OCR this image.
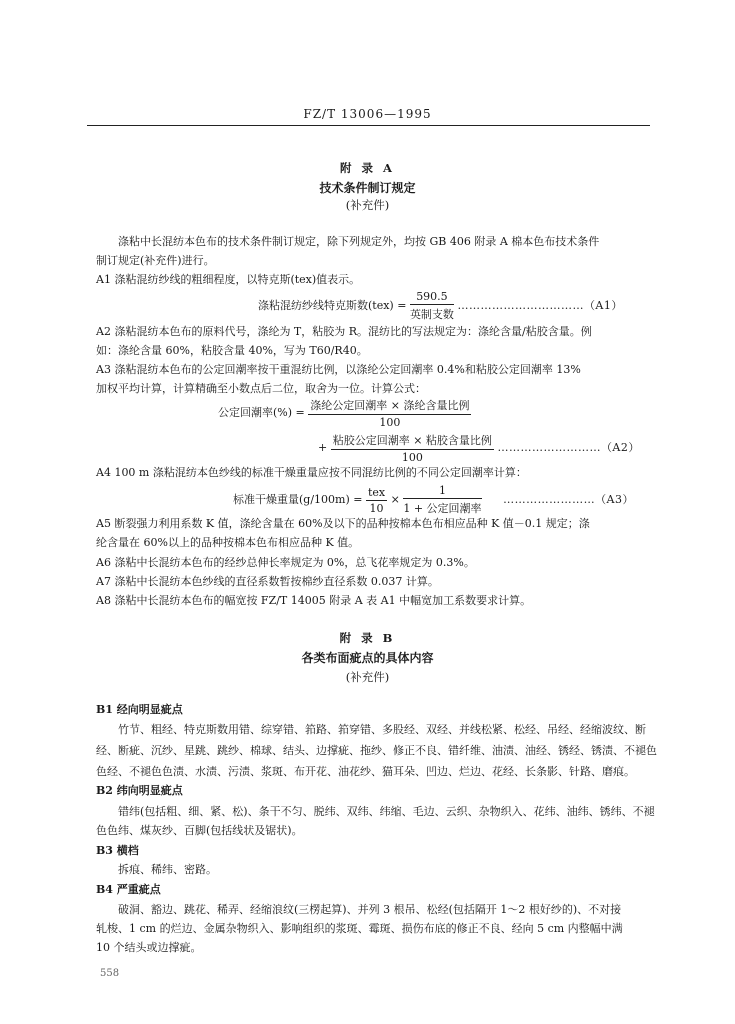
FZ/T 13006—1995
附 录 A
技术条件制订规定
(补充件)
涤粘中长混纺本色布的技术条件制订规定，除下列规定外，均按 GB 406 附录 A 棉本色布技术条件
制订规定(补充件)进行。
A1 涤粘混纺纱线的粗细程度，以特克斯(tex)值表示。
涤粘混纺纱线特克斯数$(tex) = \frac{590.5}{\text{英制支数}}$ ……………………………（A1）
A2 涤粘混纺本色布的原料代号，涤纶为 T，粘胶为 R。混纺比的写法规定为：涤纶含量/粘胶含量。例
如：涤纶含量 60%，粘胶含量 40%，写为 T60/R40。
A3 涤粘混纺本色布的公定回潮率按干重混纺比例，以涤纶公定回潮率 0.4%和粘胶公定回潮率 13%
加权平均计算，计算精确至小数点后二位，取舍为一位。计算公式：
公定回潮率(%) = $\frac{\text{涤纶公定回潮率 × 涤纶含量比例}}{100}$
+ $\frac{\text{粘胶公定回潮率 × 粘胶含量比例}}{100}$ ………………………（A2）
A4 100 m 涤粘混纺本色纱线的标准干燥重量应按不同混纺比例的不同公定回潮率计算：
标准干燥重量$(g/100m) = \frac{\text{tex}}{10} \times \frac{1}{\text{1 + 公定回潮率}}$ ……………………（A3）
A5 断裂强力利用系数 K 值，涤纶含量在 60%及以下的品种按棉本色布相应品种 K 值－0.1 规定；涤
纶含量在 60%以上的品种按棉本色布相应品种 K 值。
A6 涤粘中长混纺本色布的经纱总伸长率规定为 0%，总飞花率规定为 0.3%。
A7 涤粘中长混纺本色纱线的直径系数暂按棉纱直径系数 0.037 计算。
A8 涤粘中长混纺本色布的幅宽按 FZ/T 14005 附录 A 表 A1 中幅宽加工系数要求计算。
附 录 B
各类布面疵点的具体内容
(补充件)
B1 经向明显疵点
竹节、粗经、特克斯数用错、综穿错、筘路、筘穿错、多股经、双经、并线松紧、松经、吊经、经缩波纹、断
经、断疵、沉纱、星跳、跳纱、棉球、结头、边撑疵、拖纱、修正不良、错纤维、油渍、油经、锈经、锈渍、不褪色
色经、不褪色色渍、水渍、污渍、浆斑、布开花、油花纱、猫耳朵、凹边、烂边、花经、长条影、针路、磨痕。
B2 纬向明显疵点
错纬(包括粗、细、紧、松)、条干不匀、脱纬、双纬、纬缩、毛边、云织、杂物织入、花纬、油纬、锈纬、不褪
色色纬、煤灰纱、百脚(包括线状及锯状)。
B3 横档
拆痕、稀纬、密路。
B4 严重疵点
破洞、豁边、跳花、稀弄、经缩浪纹(三楞起算)、并列 3 根吊、松经(包括隔开 1～2 根好纱的)、不对接
轧梭、1 cm 的烂边、金属杂物织入、影响组织的浆斑、霉斑、损伤布底的修正不良、经向 5 cm 内整幅中满
10 个结头或边撑疵。
558
